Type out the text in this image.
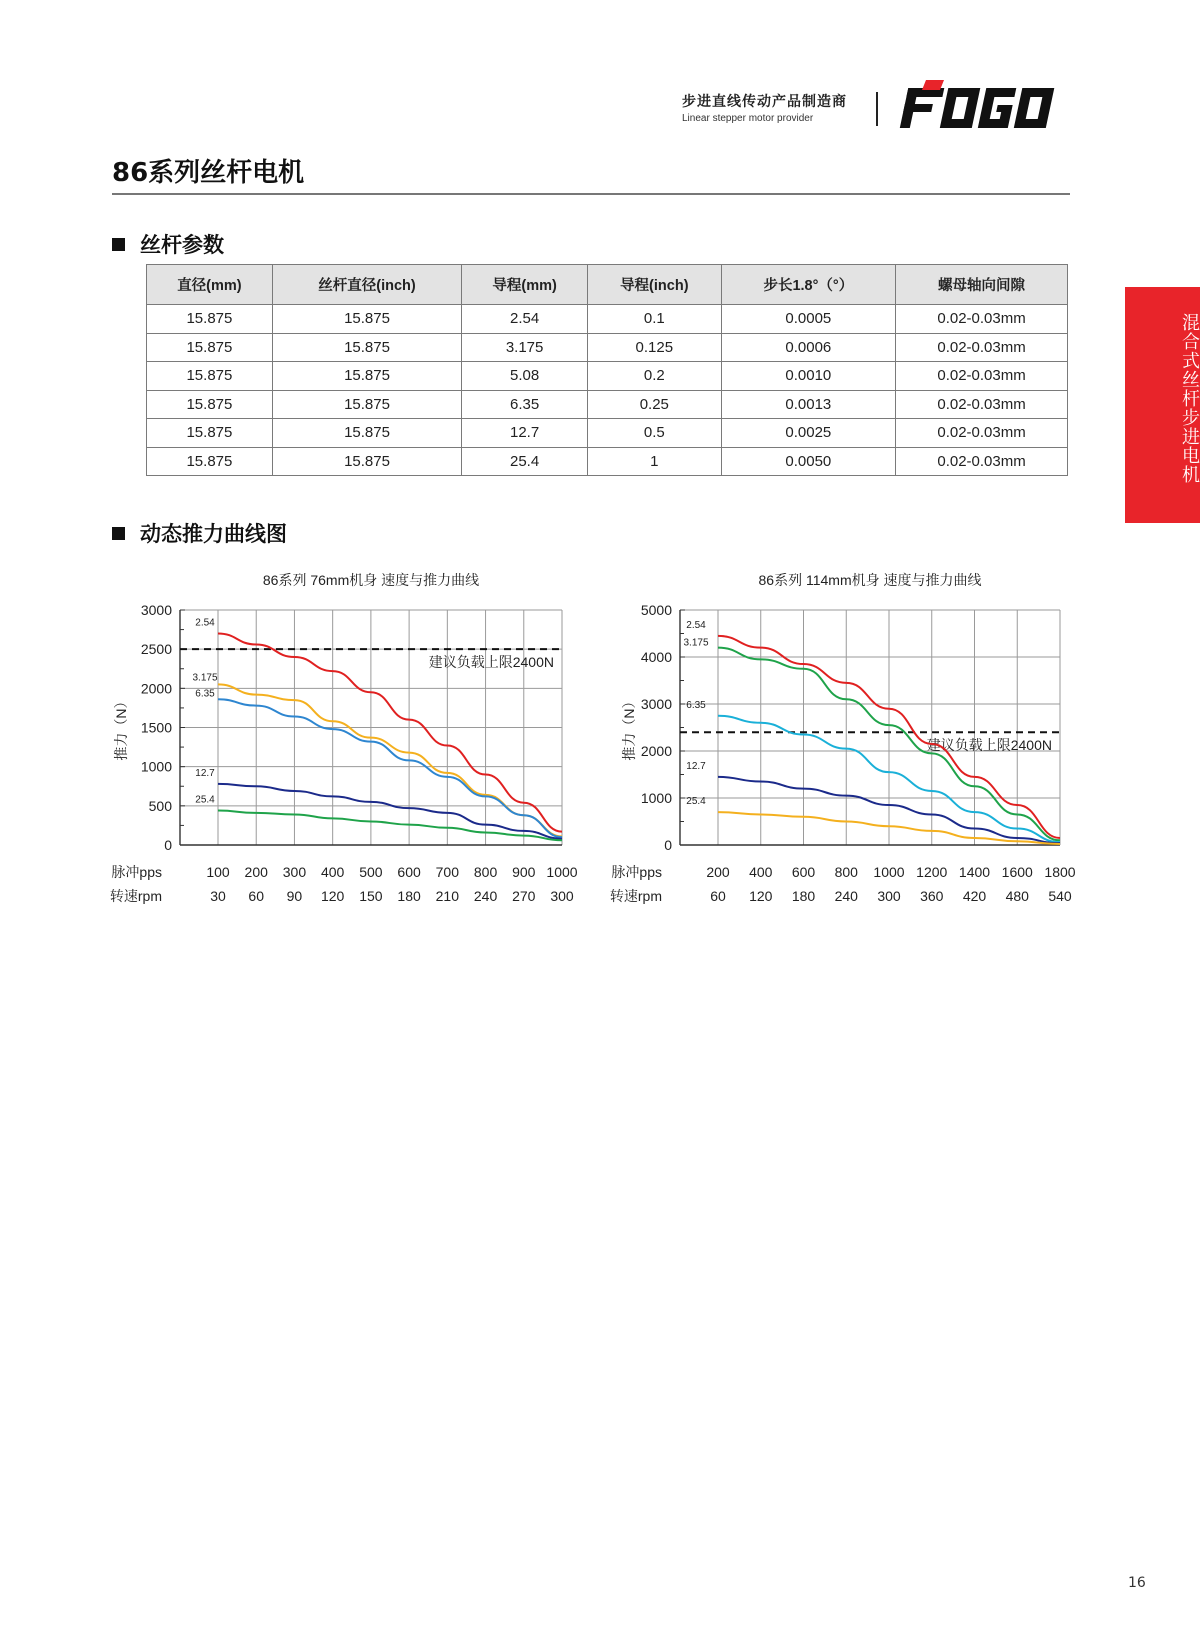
步进直线传动产品制造商
Linear stepper motor provider
86系列丝杆电机
混合式丝杆步进电机
丝杆参数
直径(mm)	丝杆直径(inch)	导程(mm)	导程(inch)	步长1.8°（°）	螺母轴向间隙
15.875	15.875	2.54	0.1	0.0005	0.02-0.03mm
15.875	15.875	3.175	0.125	0.0006	0.02-0.03mm
15.875	15.875	5.08	0.2	0.0010	0.02-0.03mm
15.875	15.875	6.35	0.25	0.0013	0.02-0.03mm
15.875	15.875	12.7	0.5	0.0025	0.02-0.03mm
15.875	15.875	25.4	1	0.0050	0.02-0.03mm
动态推力曲线图
86系列 76mm机身 速度与推力曲线
0
500
1000
1500
2000
2500
3000
推力（N）
脉冲pps
转速rpm
100 200 300 400 500 600 700 800 900 1000
30 60 90 120 150 180 210 240 270 300
建议负载上限2400N
2.54
3.175
6.35
12.7
25.4
86系列 114mm机身 速度与推力曲线
0
1000
2000
3000
4000
5000
推力（N）
脉冲pps
转速rpm
200 400 600 800 1000 1200 1400 1600 1800
60 120 180 240 300 360 420 480 540
建议负载上限2400N
2.54
3.175
6.35
12.7
25.4
16
